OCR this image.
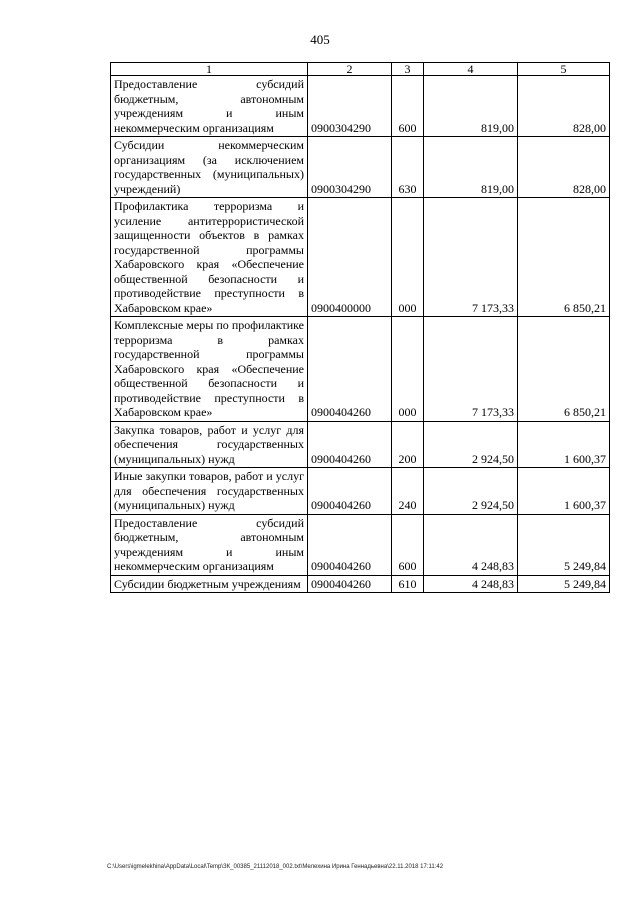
405
1	2	3	4	5
Предоставление субсидий бюджетным, автономным учреждениям и иным некоммерческим организациям	0900304290	600	819,00	828,00
Субсидии некоммерческим организациям (за исключением государственных (муниципальных) учреждений)	0900304290	630	819,00	828,00
Профилактика терроризма и усиление антитеррористической защищенности объектов в рамках государственной программы Хабаровского края «Обеспечение общественной безопасности и противодействие преступности в Хабаровском крае»	0900400000	000	7 173,33	6 850,21
Комплексные меры по профилактике терроризма в рамках государственной программы Хабаровского края «Обеспечение общественной безопасности и противодействие преступности в Хабаровском крае»	0900404260	000	7 173,33	6 850,21
Закупка товаров, работ и услуг для обеспечения государственных (муниципальных) нужд	0900404260	200	2 924,50	1 600,37
Иные закупки товаров, работ и услуг для обеспечения государственных (муниципальных) нужд	0900404260	240	2 924,50	1 600,37
Предоставление субсидий бюджетным, автономным учреждениям и иным некоммерческим организациям	0900404260	600	4 248,83	5 249,84
Субсидии бюджетным учреждениям	0900404260	610	4 248,83	5 249,84
C:\Users\igmelekhina\AppData\Local\Temp\ЗК_00385_21112018_002.txt\Мелехина Ирина Геннадьевна\22.11.2018 17:11:42
